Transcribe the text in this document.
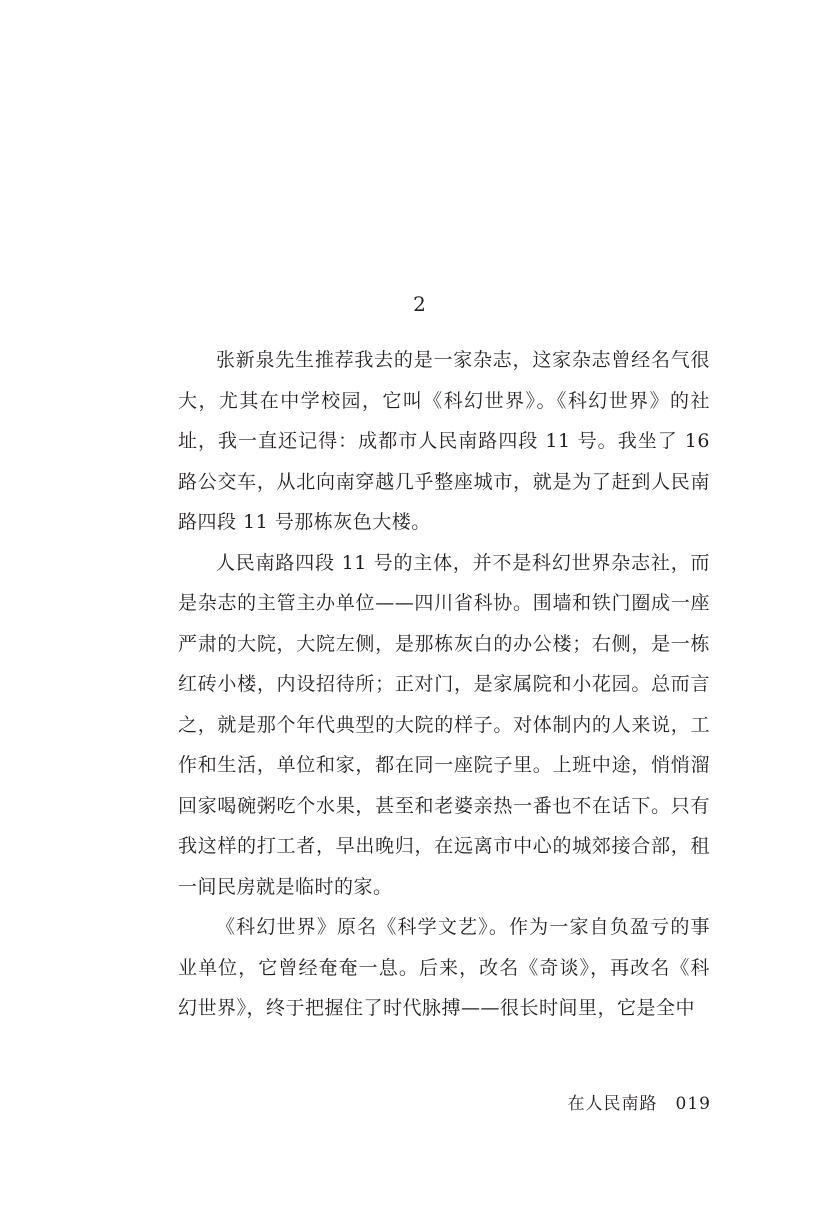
2

张新泉先生推荐我去的是一家杂志，这家杂志曾经名气很大，尤其在中学校园，它叫《科幻世界》。《科幻世界》的社址，我一直还记得：成都市人民南路四段 11 号。我坐了 16 路公交车，从北向南穿越几乎整座城市，就是为了赶到人民南路四段 11 号那栋灰色大楼。

人民南路四段 11 号的主体，并不是科幻世界杂志社，而是杂志的主管主办单位——四川省科协。围墙和铁门圈成一座严肃的大院，大院左侧，是那栋灰白的办公楼；右侧，是一栋红砖小楼，内设招待所；正对门，是家属院和小花园。总而言之，就是那个年代典型的大院的样子。对体制内的人来说，工作和生活，单位和家，都在同一座院子里。上班中途，悄悄溜回家喝碗粥吃个水果，甚至和老婆亲热一番也不在话下。只有我这样的打工者，早出晚归，在远离市中心的城郊接合部，租一间民房就是临时的家。

《科幻世界》原名《科学文艺》。作为一家自负盈亏的事业单位，它曾经奄奄一息。后来，改名《奇谈》，再改名《科幻世界》，终于把握住了时代脉搏——很长时间里，它是全中

在人民南路 019
